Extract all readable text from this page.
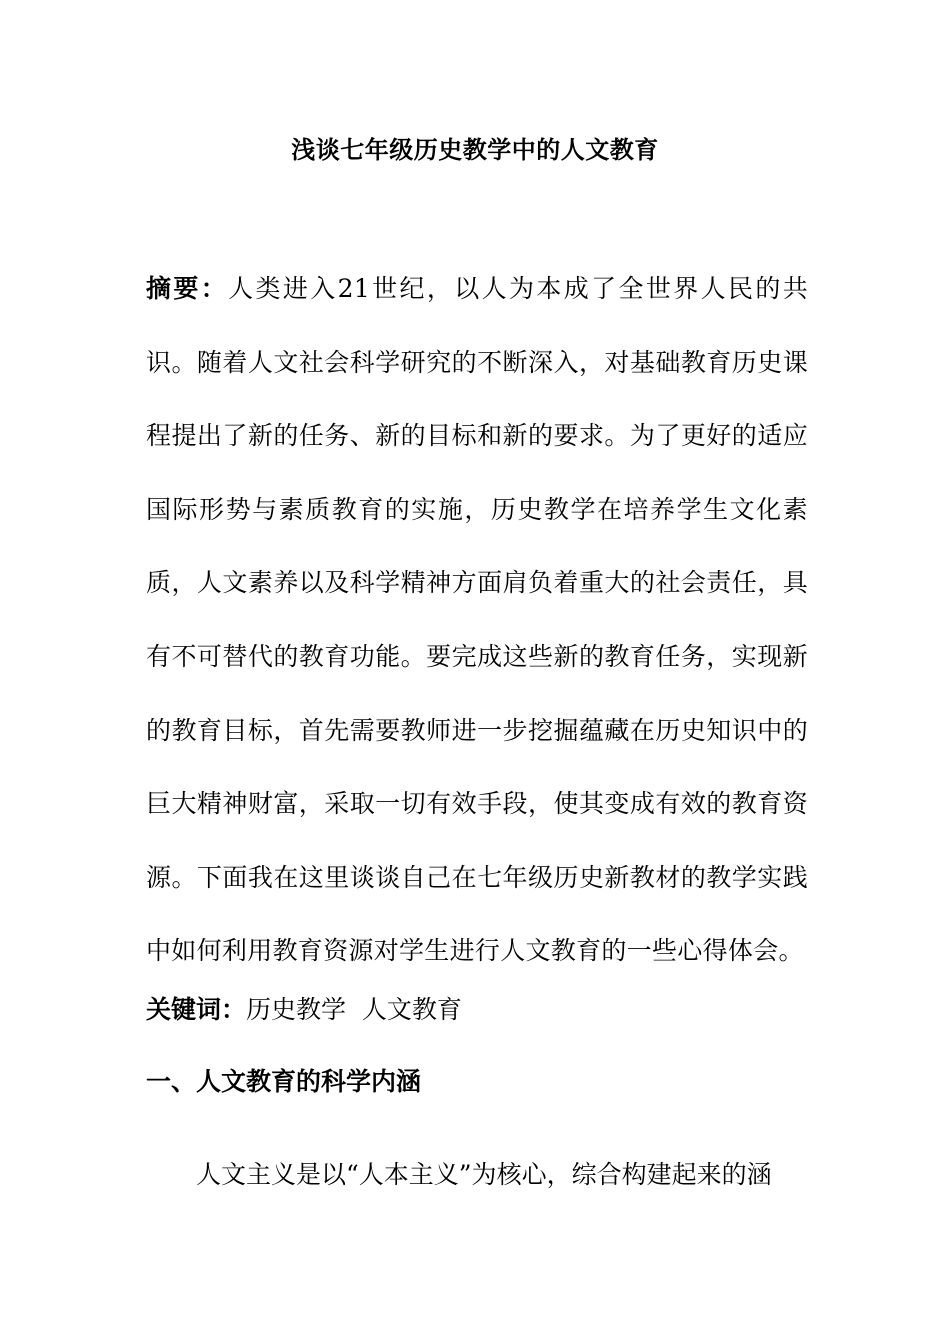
浅谈七年级历史教学中的人文教育
摘要：人类进入21世纪，以人为本成了全世界人民的共识。随着人文社会科学研究的不断深入，对基础教育历史课程提出了新的任务、新的目标和新的要求。为了更好的适应国际形势与素质教育的实施，历史教学在培养学生文化素质，人文素养以及科学精神方面肩负着重大的社会责任，具有不可替代的教育功能。要完成这些新的教育任务，实现新的教育目标，首先需要教师进一步挖掘蕴藏在历史知识中的巨大精神财富，采取一切有效手段，使其变成有效的教育资源。下面我在这里谈谈自己在七年级历史新教材的教学实践中如何利用教育资源对学生进行人文教育的一些心得体会。
关键词：历史教学  人文教育
一、人文教育的科学内涵
人文主义是以“人本主义”为核心，综合构建起来的涵
